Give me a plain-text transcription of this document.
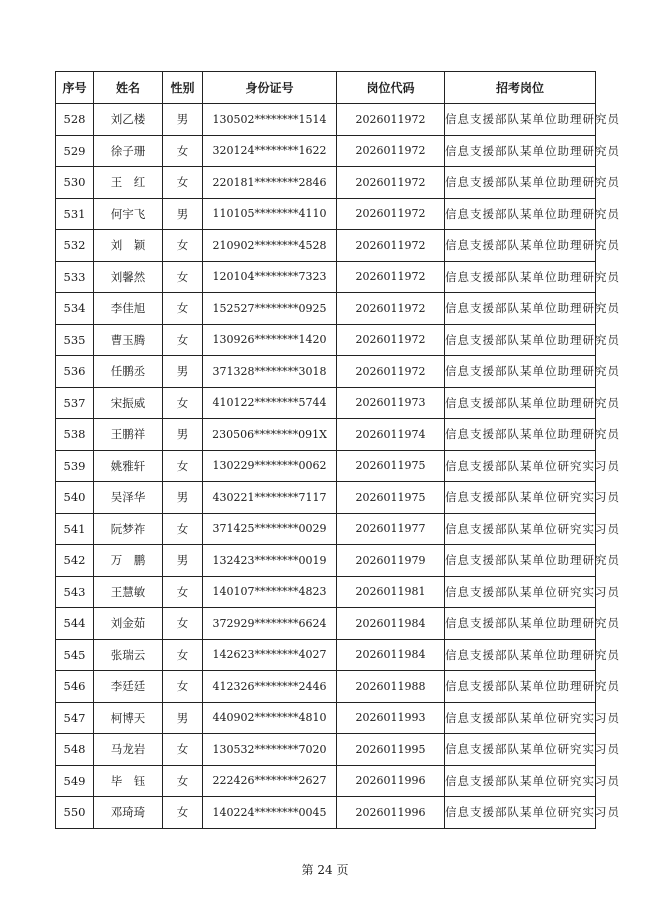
序号	姓名	性别	身份证号	岗位代码	招考岗位
528	刘乙楼	男	130502********1514	2026011972	信息支援部队某单位助理研究员
529	徐子珊	女	320124********1622	2026011972	信息支援部队某单位助理研究员
530	王　红	女	220181********2846	2026011972	信息支援部队某单位助理研究员
531	何宇飞	男	110105********4110	2026011972	信息支援部队某单位助理研究员
532	刘　颖	女	210902********4528	2026011972	信息支援部队某单位助理研究员
533	刘馨然	女	120104********7323	2026011972	信息支援部队某单位助理研究员
534	李佳旭	女	152527********0925	2026011972	信息支援部队某单位助理研究员
535	曹玉腾	女	130926********1420	2026011972	信息支援部队某单位助理研究员
536	任鹏丞	男	371328********3018	2026011972	信息支援部队某单位助理研究员
537	宋振威	女	410122********5744	2026011973	信息支援部队某单位助理研究员
538	王鹏祥	男	230506********091X	2026011974	信息支援部队某单位助理研究员
539	姚雅轩	女	130229********0062	2026011975	信息支援部队某单位研究实习员
540	吴泽华	男	430221********7117	2026011975	信息支援部队某单位研究实习员
541	阮梦祚	女	371425********0029	2026011977	信息支援部队某单位研究实习员
542	万　鹏	男	132423********0019	2026011979	信息支援部队某单位助理研究员
543	王慧敏	女	140107********4823	2026011981	信息支援部队某单位研究实习员
544	刘金茹	女	372929********6624	2026011984	信息支援部队某单位助理研究员
545	张瑞云	女	142623********4027	2026011984	信息支援部队某单位助理研究员
546	李廷廷	女	412326********2446	2026011988	信息支援部队某单位助理研究员
547	柯博天	男	440902********4810	2026011993	信息支援部队某单位研究实习员
548	马龙岩	女	130532********7020	2026011995	信息支援部队某单位研究实习员
549	毕　钰	女	222426********2627	2026011996	信息支援部队某单位研究实习员
550	邓琦琦	女	140224********0045	2026011996	信息支援部队某单位研究实习员
第 24 页
